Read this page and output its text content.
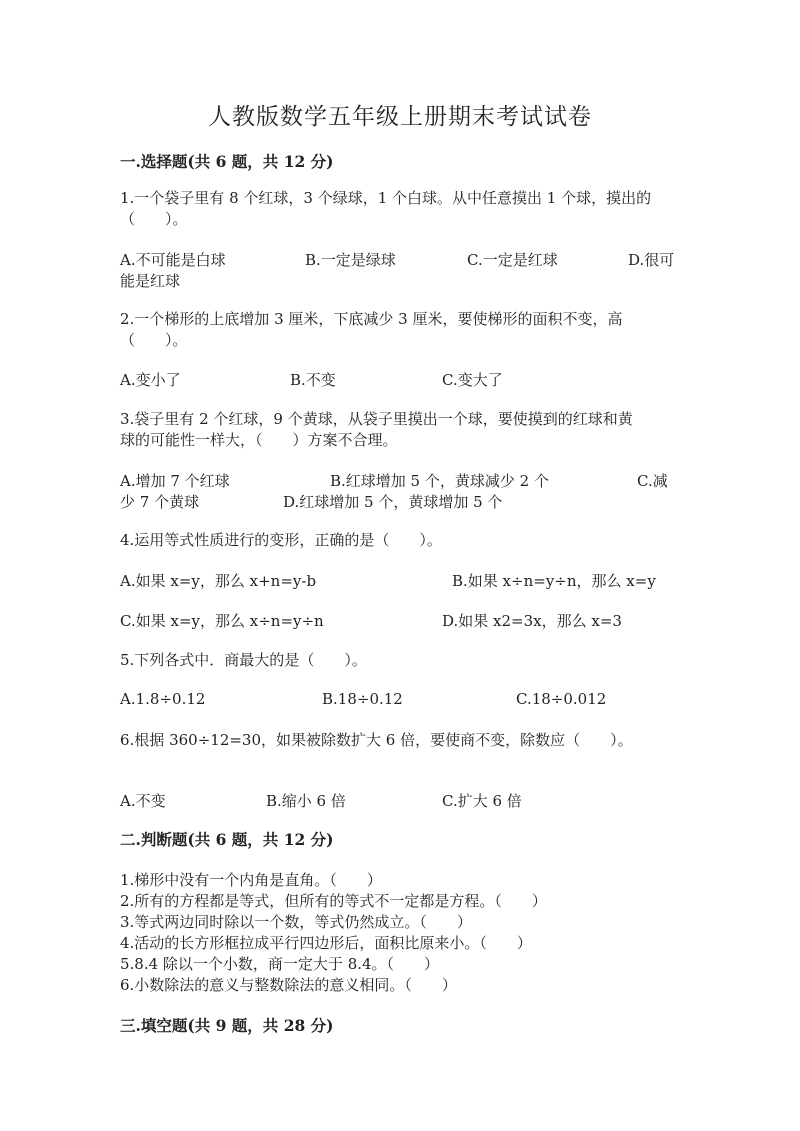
人教版数学五年级上册期末考试试卷
一.选择题(共 6 题，共 12 分)
1.一个袋子里有 8 个红球，3 个绿球，1 个白球。从中任意摸出 1 个球，摸出的
（　　）。
A.不可能是白球	B.一定是绿球	C.一定是红球	D.很可
能是红球
2.一个梯形的上底增加 3 厘米，下底减少 3 厘米，要使梯形的面积不变，高
（　　）。
A.变小了	B.不变	C.变大了
3.袋子里有 2 个红球，9 个黄球，从袋子里摸出一个球，要使摸到的红球和黄
球的可能性一样大，（　　）方案不合理。
A.增加 7 个红球	B.红球增加 5 个，黄球减少 2 个	C.减
少 7 个黄球	D.红球增加 5 个，黄球增加 5 个
4.运用等式性质进行的变形，正确的是（　　）。
A.如果 x=y，那么 x+n=y-b	B.如果 x÷n=y÷n，那么 x=y
C.如果 x=y，那么 x÷n=y÷n	D.如果 x2=3x，那么 x=3
5.下列各式中．商最大的是（　　）。
A.1.8÷0.12	B.18÷0.12	C.18÷0.012
6.根据 360÷12=30，如果被除数扩大 6 倍，要使商不变，除数应（　　）。
A.不变	B.缩小 6 倍	C.扩大 6 倍
二.判断题(共 6 题，共 12 分)
1.梯形中没有一个内角是直角。（　　）
2.所有的方程都是等式，但所有的等式不一定都是方程。（　　）
3.等式两边同时除以一个数，等式仍然成立。（　　）
4.活动的长方形框拉成平行四边形后，面积比原来小。（　　）
5.8.4 除以一个小数，商一定大于 8.4。（　　）
6.小数除法的意义与整数除法的意义相同。（　　）
三.填空题(共 9 题，共 28 分)
